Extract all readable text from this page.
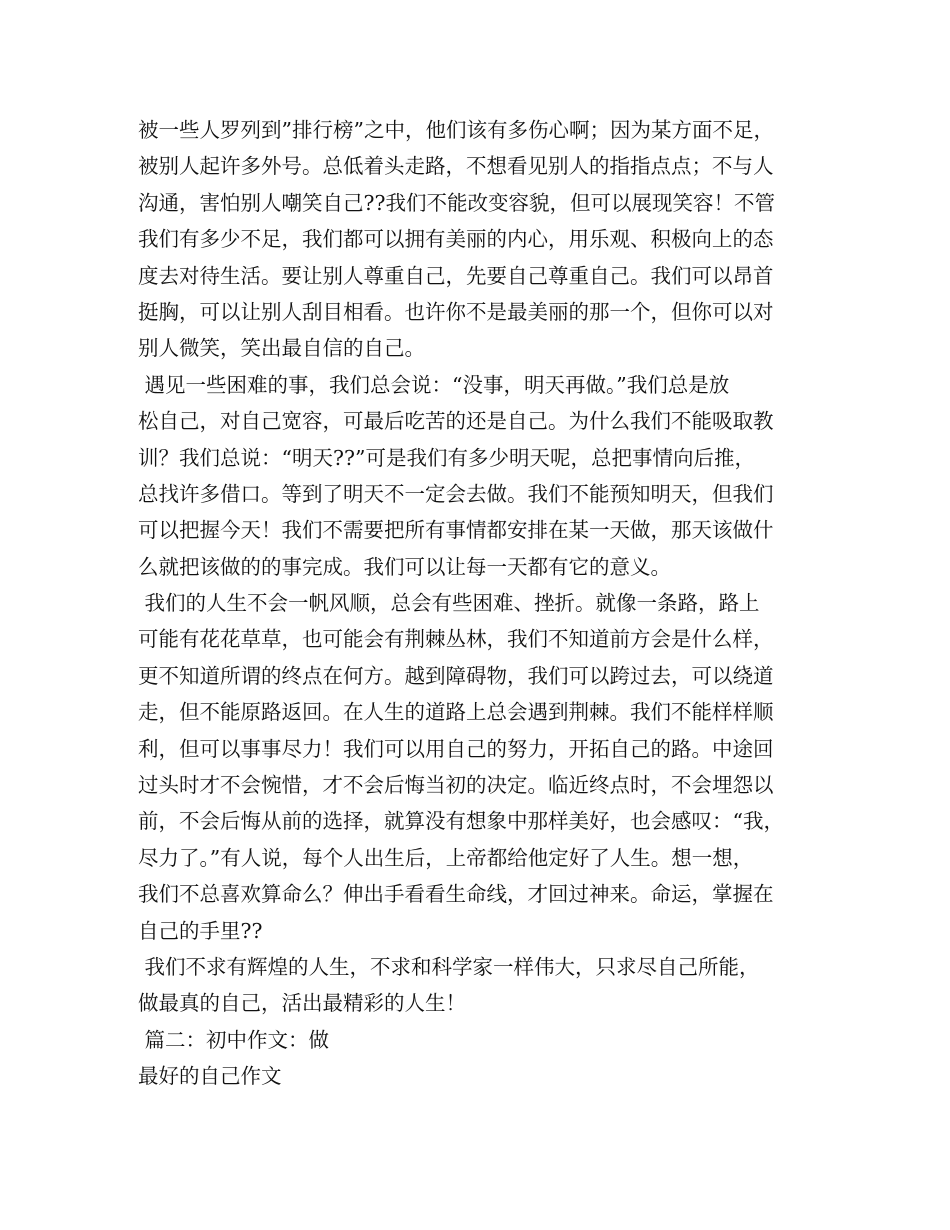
被一些人罗列到”排行榜”之中，他们该有多伤心啊；因为某方面不足，
被别人起许多外号。总低着头走路，不想看见别人的指指点点；不与人
沟通，害怕别人嘲笑自己??我们不能改变容貌，但可以展现笑容！不管
我们有多少不足，我们都可以拥有美丽的内心，用乐观、积极向上的态
度去对待生活。要让别人尊重自己，先要自己尊重自己。我们可以昂首
挺胸，可以让别人刮目相看。也许你不是最美丽的那一个，但你可以对
别人微笑，笑出最自信的自己。
遇见一些困难的事，我们总会说：“没事，明天再做。”我们总是放
松自己，对自己宽容，可最后吃苦的还是自己。为什么我们不能吸取教
训？我们总说：“明天??”可是我们有多少明天呢，总把事情向后推，
总找许多借口。等到了明天不一定会去做。我们不能预知明天，但我们
可以把握今天！我们不需要把所有事情都安排在某一天做，那天该做什
么就把该做的的事完成。我们可以让每一天都有它的意义。
我们的人生不会一帆风顺，总会有些困难、挫折。就像一条路，路上
可能有花花草草，也可能会有荆棘丛林，我们不知道前方会是什么样，
更不知道所谓的终点在何方。越到障碍物，我们可以跨过去，可以绕道
走，但不能原路返回。在人生的道路上总会遇到荆棘。我们不能样样顺
利，但可以事事尽力！我们可以用自己的努力，开拓自己的路。中途回
过头时才不会惋惜，才不会后悔当初的决定。临近终点时，不会埋怨以
前，不会后悔从前的选择，就算没有想象中那样美好，也会感叹：“我，
尽力了。”有人说，每个人出生后，上帝都给他定好了人生。想一想，
我们不总喜欢算命么？伸出手看看生命线，才回过神来。命运，掌握在
自己的手里??
我们不求有辉煌的人生，不求和科学家一样伟大，只求尽自己所能，
做最真的自己，活出最精彩的人生！
篇二：初中作文：做
最好的自己作文
